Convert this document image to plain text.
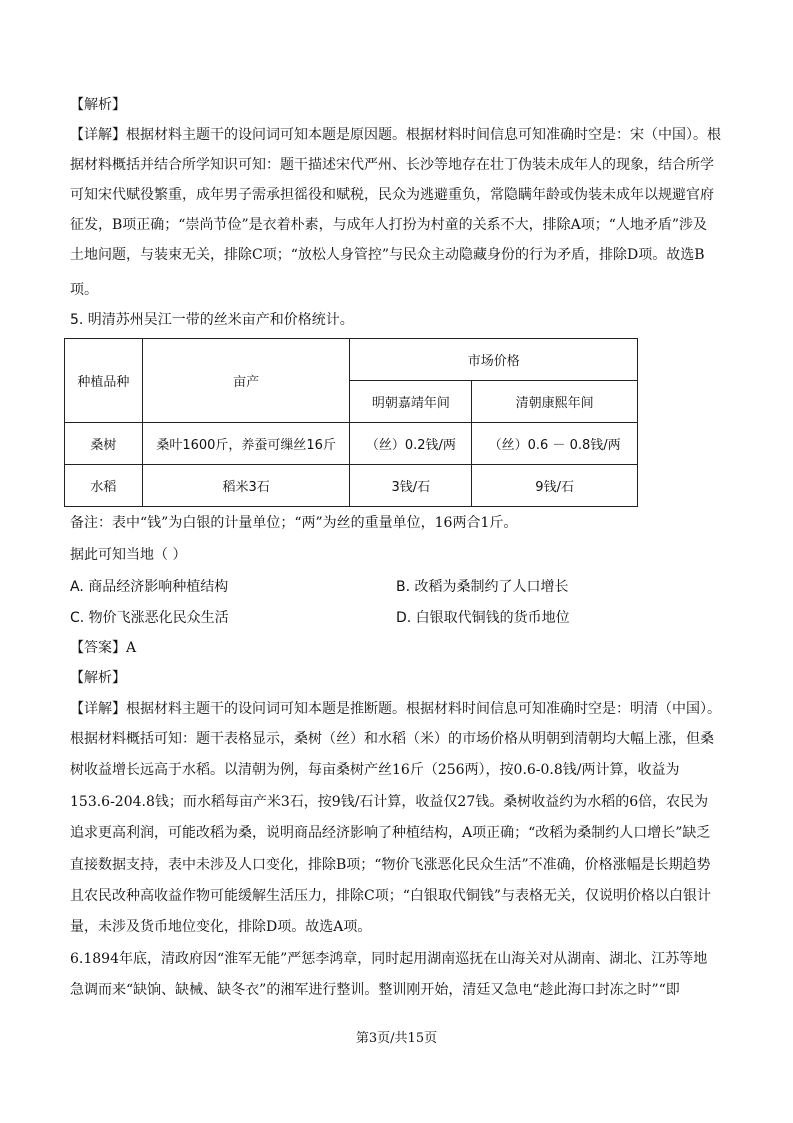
【解析】
【详解】根据材料主题干的设问词可知本题是原因题。根据材料时间信息可知准确时空是：宋（中国）。根
据材料概括并结合所学知识可知：题干描述宋代严州、长沙等地存在壮丁伪装未成年人的现象，结合所学
可知宋代赋役繁重，成年男子需承担徭役和赋税，民众为逃避重负，常隐瞒年龄或伪装未成年以规避官府
征发，B项正确；“崇尚节俭”是衣着朴素，与成年人打扮为村童的关系不大，排除A项；“人地矛盾”涉及
土地问题，与装束无关，排除C项；“放松人身管控”与民众主动隐藏身份的行为矛盾，排除D项。故选B
项。
5. 明清苏州吴江一带的丝米亩产和价格统计。
种植品种	亩产	市场价格	
		明朝嘉靖年间	清朝康熙年间
桑树	桑叶1600斤，养蚕可缫丝16斤	（丝）0.2钱/两	（丝）0.6 － 0.8钱/两
水稻	稻米3石	3钱/石	9钱/石
备注：表中“钱”为白银的计量单位；“两”为丝的重量单位，16两合1斤。
据此可知当地（ ）
A. 商品经济影响种植结构	B. 改稻为桑制约了人口增长
C. 物价飞涨恶化民众生活	D. 白银取代铜钱的货币地位
【答案】A
【解析】
【详解】根据材料主题干的设问词可知本题是推断题。根据材料时间信息可知准确时空是：明清（中国）。
根据材料概括可知：题干表格显示，桑树（丝）和水稻（米）的市场价格从明朝到清朝均大幅上涨，但桑
树收益增长远高于水稻。以清朝为例，每亩桑树产丝16斤（256两），按0.6-0.8钱/两计算，收益为
153.6-204.8钱；而水稻每亩产米3石，按9钱/石计算，收益仅27钱。桑树收益约为水稻的6倍，农民为
追求更高利润，可能改稻为桑，说明商品经济影响了种植结构，A项正确；“改稻为桑制约人口增长”缺乏
直接数据支持，表中未涉及人口变化，排除B项；“物价飞涨恶化民众生活”不准确，价格涨幅是长期趋势
且农民改种高收益作物可能缓解生活压力，排除C项；“白银取代铜钱”与表格无关，仅说明价格以白银计
量，未涉及货币地位变化，排除D项。故选A项。
6.1894年底，清政府因“淮军无能”严惩李鸿章，同时起用湖南巡抚在山海关对从湖南、湖北、江苏等地
急调而来“缺饷、缺械、缺冬衣”的湘军进行整训。整训刚开始，清廷又急电“趁此海口封冻之时”“即
第3页/共15页
